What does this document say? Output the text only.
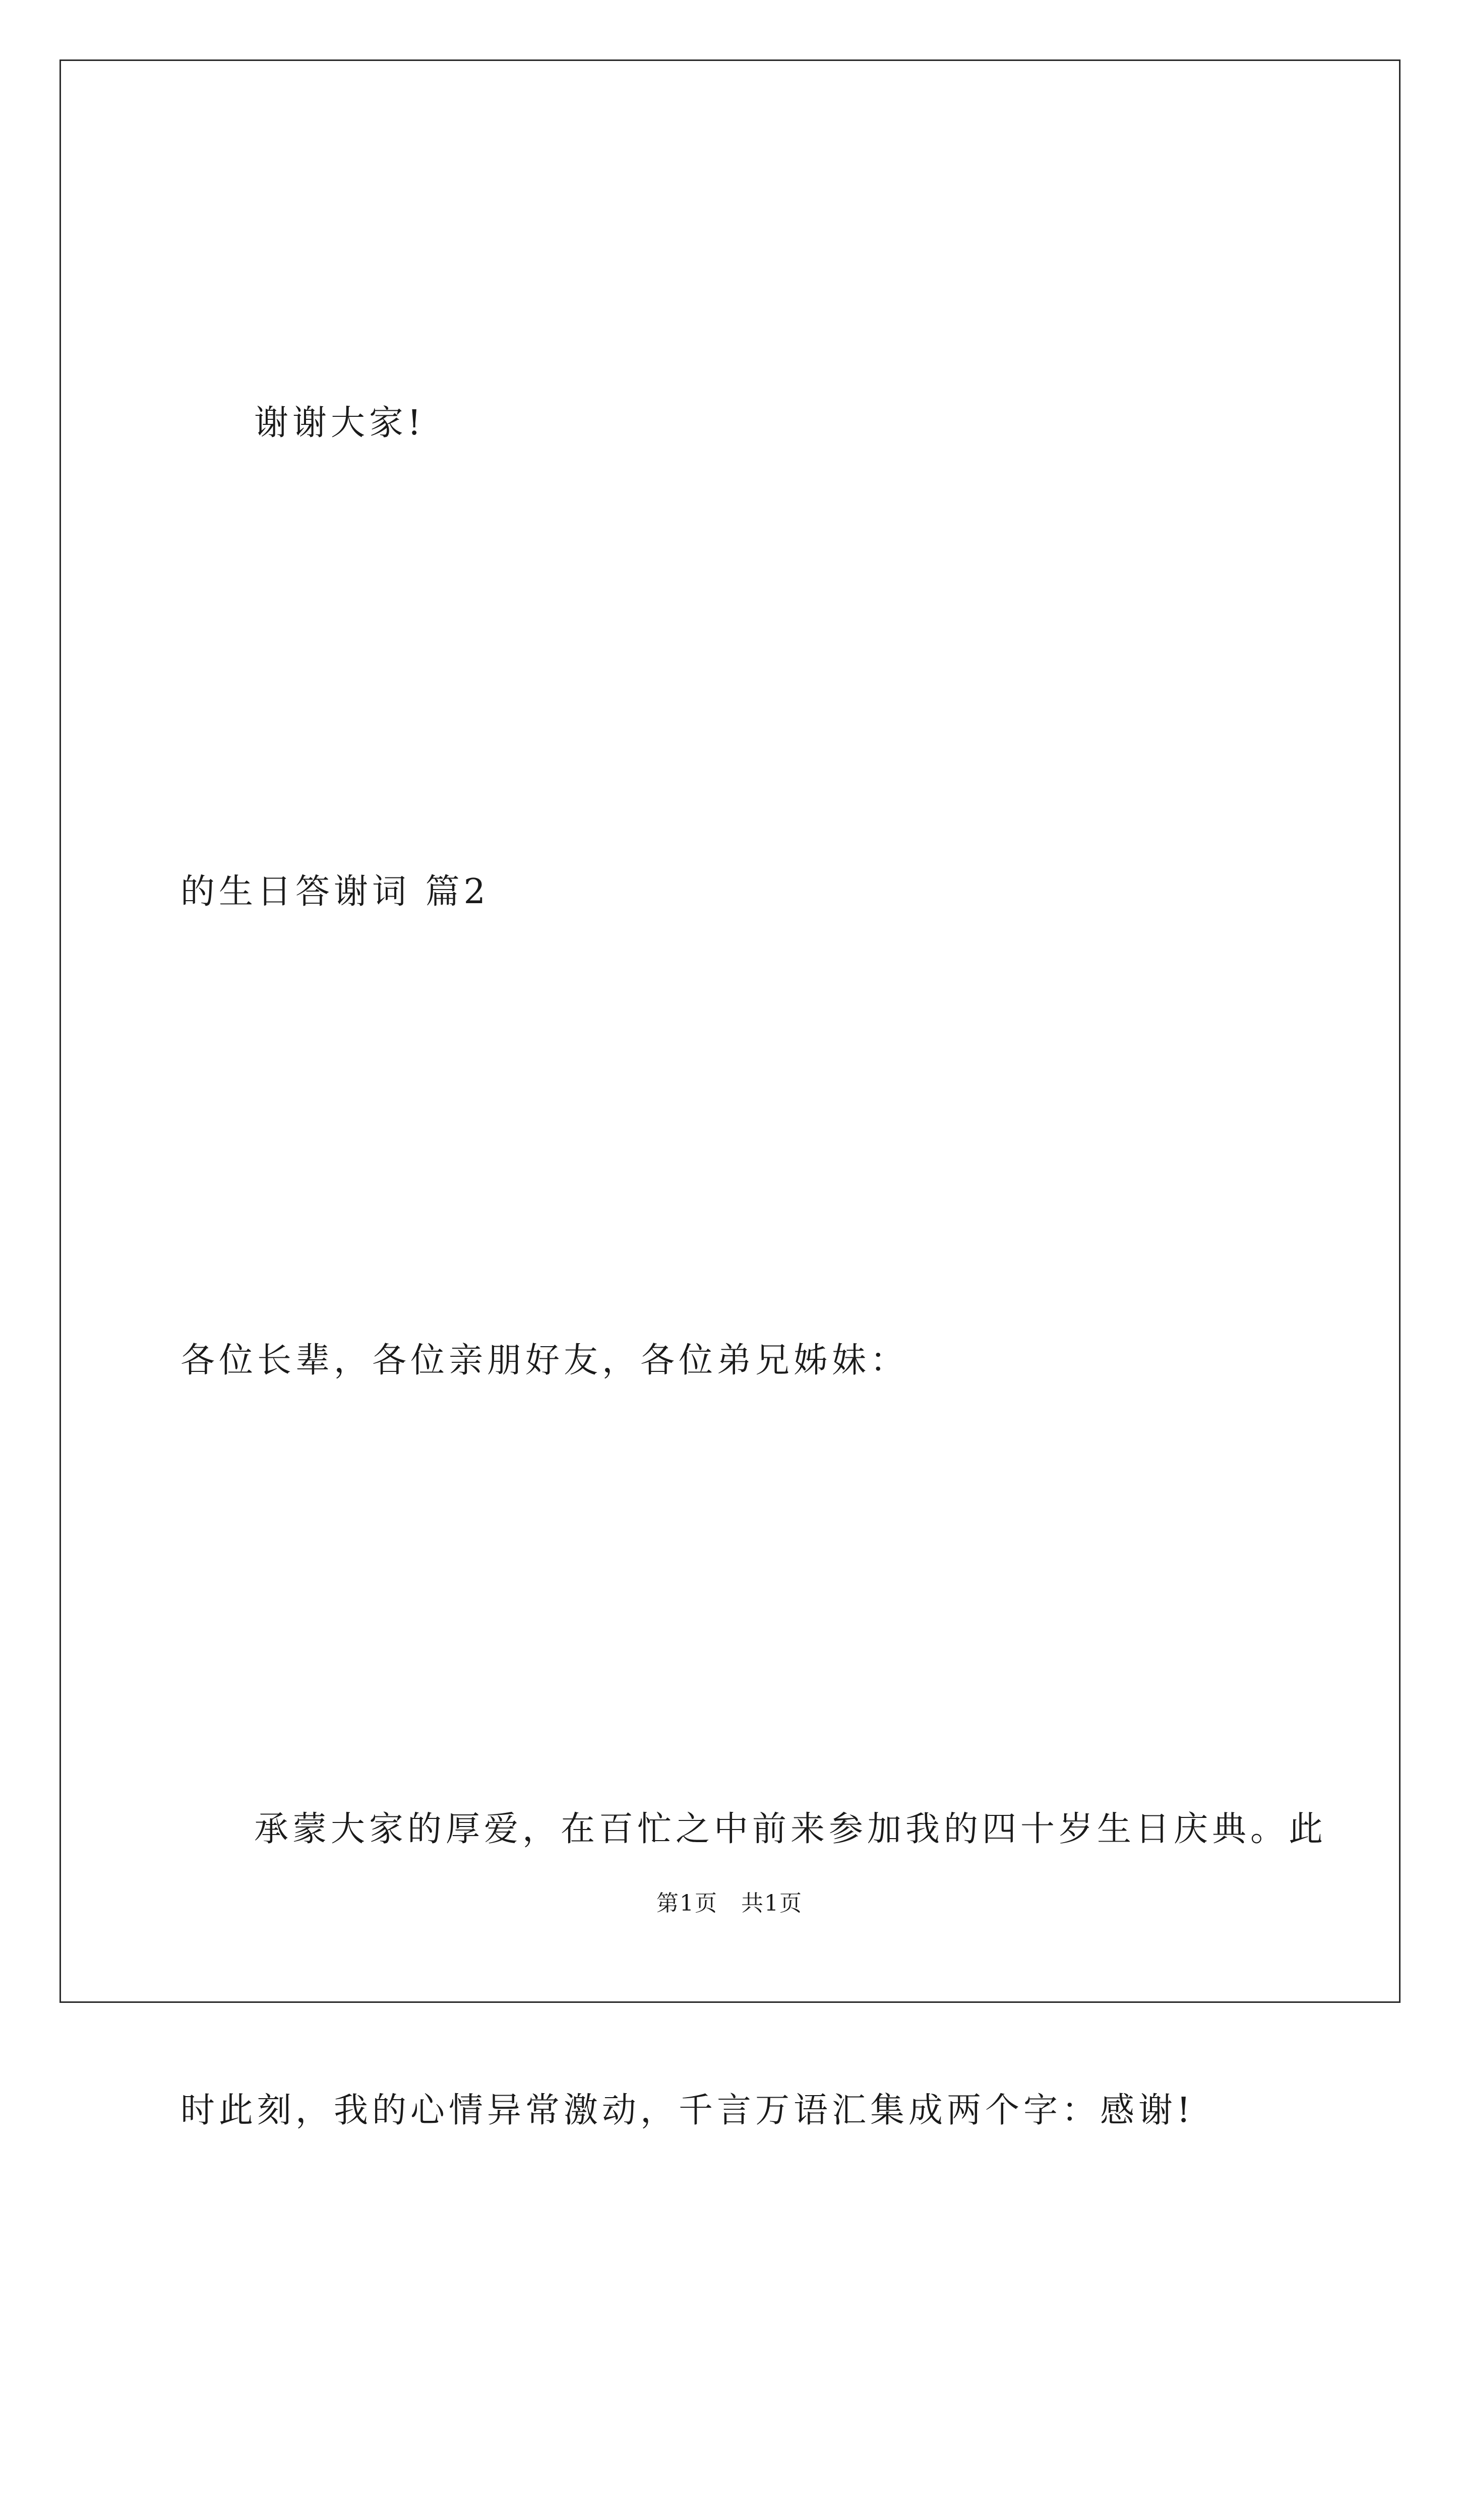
谢谢大家!

的生日答谢词 篇2

各位长辈，各位亲朋好友，各位弟兄姊妹：

承蒙大家的厚爱，在百忙之中前来参加我的四十岁生日庆典。此

时此刻，我的心情异常激动，千言万语汇集成两个字：感谢!

第1页　共1页
